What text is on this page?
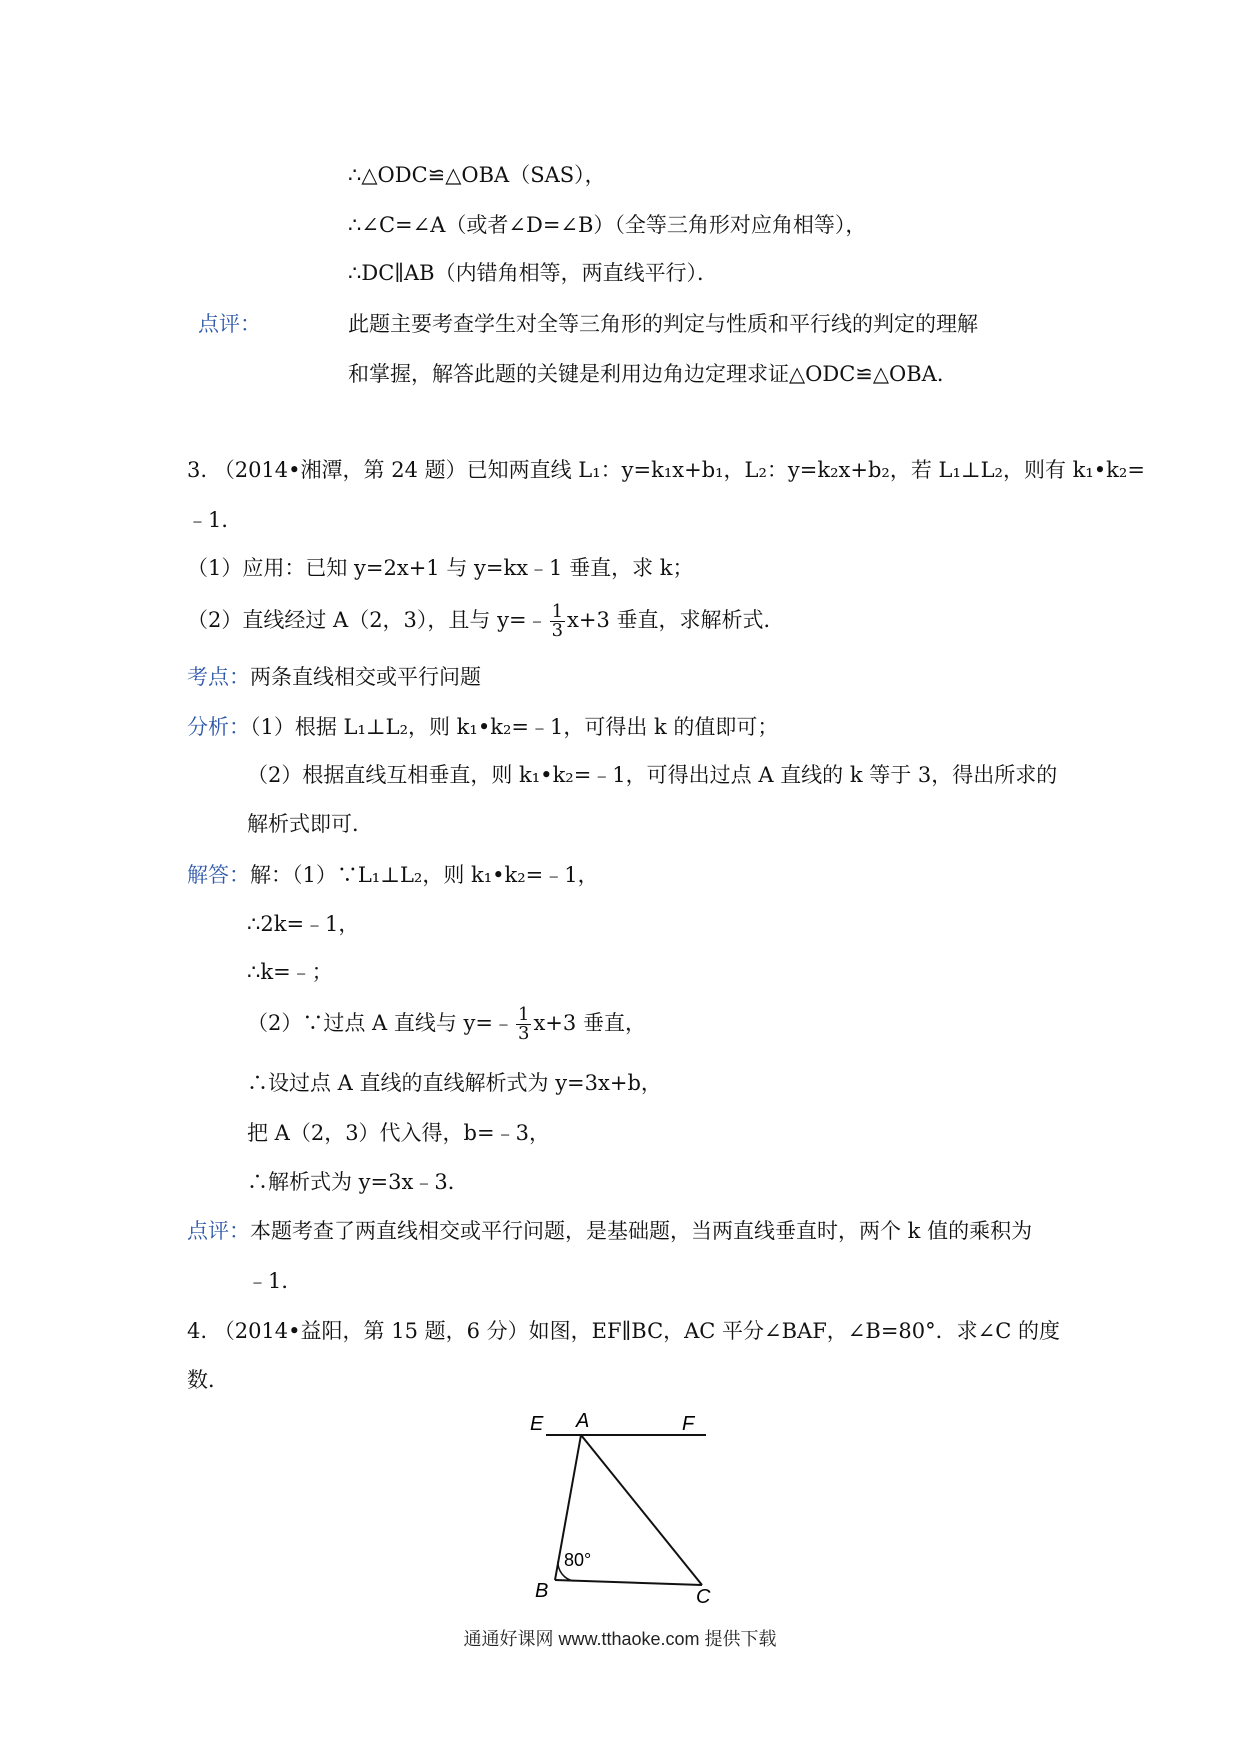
∴△ODC≌△OBA（SAS），
∴∠C=∠A（或者∠D=∠B）（全等三角形对应角相等），
∴DC∥AB（内错角相等，两直线平行）．
点评：	此题主要考查学生对全等三角形的判定与性质和平行线的判定的理解
和掌握，解答此题的关键是利用边角边定理求证△ODC≌△OBA．
3. （2014•湘潭，第 24 题）已知两直线 L₁：y=k₁x+b₁，L₂：y=k₂x+b₂，若 L₁⊥L₂，则有 k₁•k₂=
﹣1．
（1）应用：已知 y=2x+1 与 y=kx﹣1 垂直，求 k；
（2）直线经过 A（2，3），且与 y=﹣ $\frac{1}{3} x+3$ 垂直，求解析式．
考点：两条直线相交或平行问题
分析：（1）根据 L₁⊥L₂，则 k₁•k₂=﹣1，可得出 k 的值即可；
（2）根据直线互相垂直，则 k₁•k₂=﹣1，可得出过点 A 直线的 k 等于 3，得出所求的
解析式即可．
解答：解：（1）∵L₁⊥L₂，则 k₁•k₂=﹣1，
∴2k=﹣1，
∴k=﹣；
（2）∵过点 A 直线与 y=﹣ $\frac{1}{3} x+3$ 垂直，
∴设过点 A 直线的直线解析式为 y=3x+b，
把 A（2，3）代入得，b=﹣3，
∴解析式为 y=3x﹣3．
点评：本题考查了两直线相交或平行问题，是基础题，当两直线垂直时，两个 k 值的乘积为
﹣1．
4. （2014•益阳，第 15 题，6 分）如图，EF∥BC，AC 平分∠BAF，∠B=80°．求∠C 的度
数．
E A	F
80°
B	C
通通好课网 www.tthaoke.com 提供下载
